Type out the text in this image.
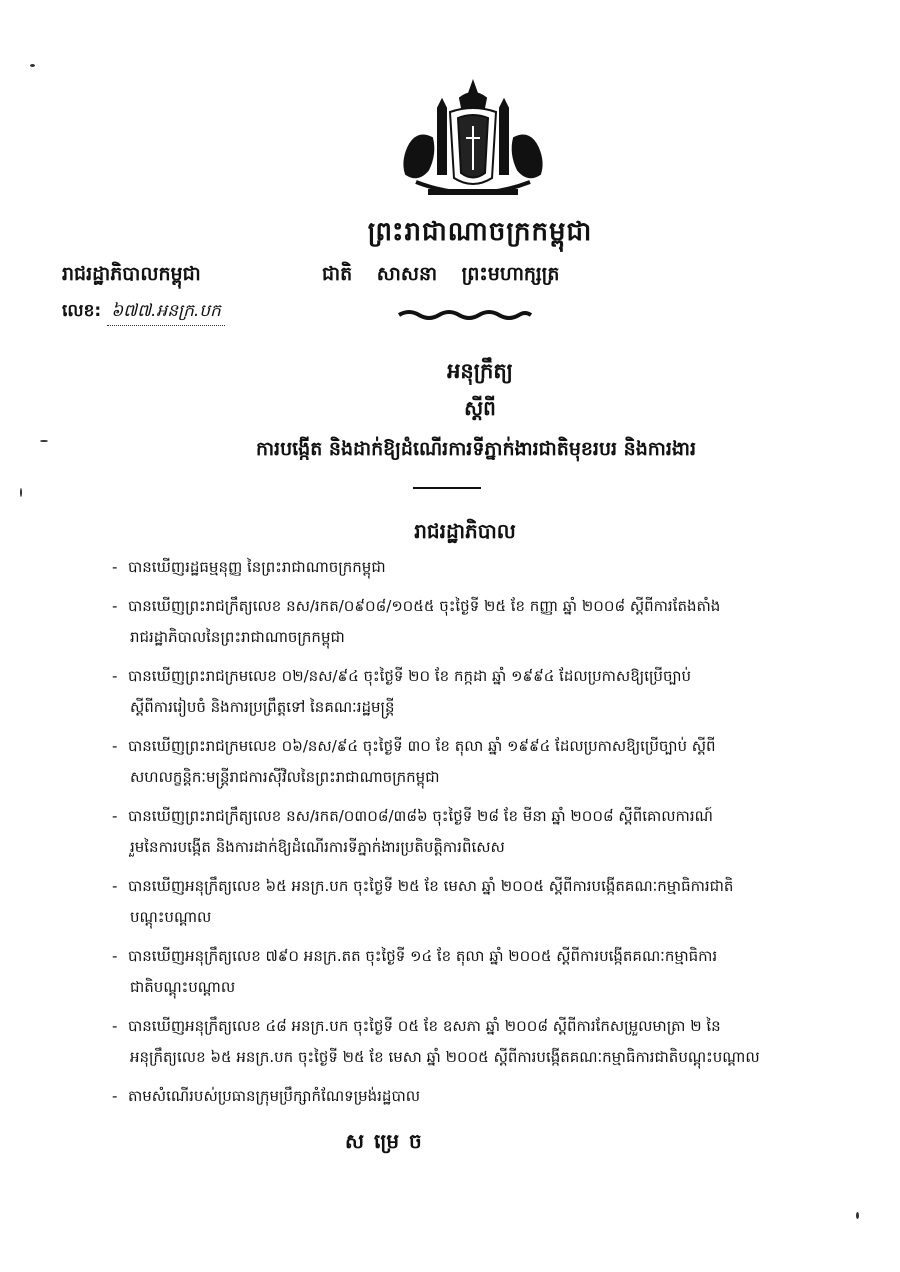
ព្រះរាជាណាចក្រកម្ពុជា
រាជរដ្ឋាភិបាលកម្ពុជា	ជាតិ សាសនា ព្រះមហាក្សត្រ
លេខ: ៦៧៧.អនក្រ.បក
អនុក្រឹត្យ
ស្តីពី
ការបង្កើត និងដាក់ឱ្យដំណើរការទីភ្នាក់ងារជាតិមុខរបរ និងការងារ
រាជរដ្ឋាភិបាល
- បានឃើញរដ្ឋធម្មនុញ្ញ នៃព្រះរាជាណាចក្រកម្ពុជា
- បានឃើញព្រះរាជក្រឹត្យលេខ នស/រកត/០៩០៨/១០៥៥ ចុះថ្ងៃទី ២៥ ខែ កញ្ញា ឆ្នាំ ២០០៨ ស្តីពីការតែងតាំង
រាជរដ្ឋាភិបាលនៃព្រះរាជាណាចក្រកម្ពុជា
- បានឃើញព្រះរាជក្រមលេខ ០២/នស/៩៤ ចុះថ្ងៃទី ២០ ខែ កក្កដា ឆ្នាំ ១៩៩៤ ដែលប្រកាសឱ្យប្រើច្បាប់
ស្តីពីការរៀបចំ និងការប្រព្រឹត្តទៅ នៃគណៈរដ្ឋមន្ត្រី
- បានឃើញព្រះរាជក្រមលេខ ០៦/នស/៩៤ ចុះថ្ងៃទី ៣០ ខែ តុលា ឆ្នាំ ១៩៩៤ ដែលប្រកាសឱ្យប្រើច្បាប់ ស្តីពី
សហលក្ខន្តិកៈមន្ត្រីរាជការស៊ីវិលនៃព្រះរាជាណាចក្រកម្ពុជា
- បានឃើញព្រះរាជក្រឹត្យលេខ នស/រកត/០៣០៨/៣៨៦ ចុះថ្ងៃទី ២៨ ខែ មីនា ឆ្នាំ ២០០៨ ស្តីពីគោលការណ៍
រួមនៃការបង្កើត និងការដាក់ឱ្យដំណើរការទីភ្នាក់ងារប្រតិបត្តិការពិសេស
- បានឃើញអនុក្រឹត្យលេខ ៦៥ អនក្រ.បក ចុះថ្ងៃទី ២៥ ខែ មេសា ឆ្នាំ ២០០៥ ស្តីពីការបង្កើតគណៈកម្មាធិការជាតិ
បណ្តុះបណ្តាល
- បានឃើញអនុក្រឹត្យលេខ ៧៩០ អនក្រ.តត ចុះថ្ងៃទី ១៤ ខែ តុលា ឆ្នាំ ២០០៥ ស្តីពីការបង្កើតគណៈកម្មាធិការ
ជាតិបណ្តុះបណ្តាល
- បានឃើញអនុក្រឹត្យលេខ ៤៨ អនក្រ.បក ចុះថ្ងៃទី ០៥ ខែ ឧសភា ឆ្នាំ ២០០៨ ស្តីពីការកែសម្រួលមាត្រា ២ នៃ
អនុក្រឹត្យលេខ ៦៥ អនក្រ.បក ចុះថ្ងៃទី ២៥ ខែ មេសា ឆ្នាំ ២០០៥ ស្តីពីការបង្កើតគណៈកម្មាធិការជាតិបណ្តុះបណ្តាល
- តាមសំណើរបស់ប្រធានក្រុមប្រឹក្សាកំណែទម្រង់រដ្ឋបាល
សម្រេច
